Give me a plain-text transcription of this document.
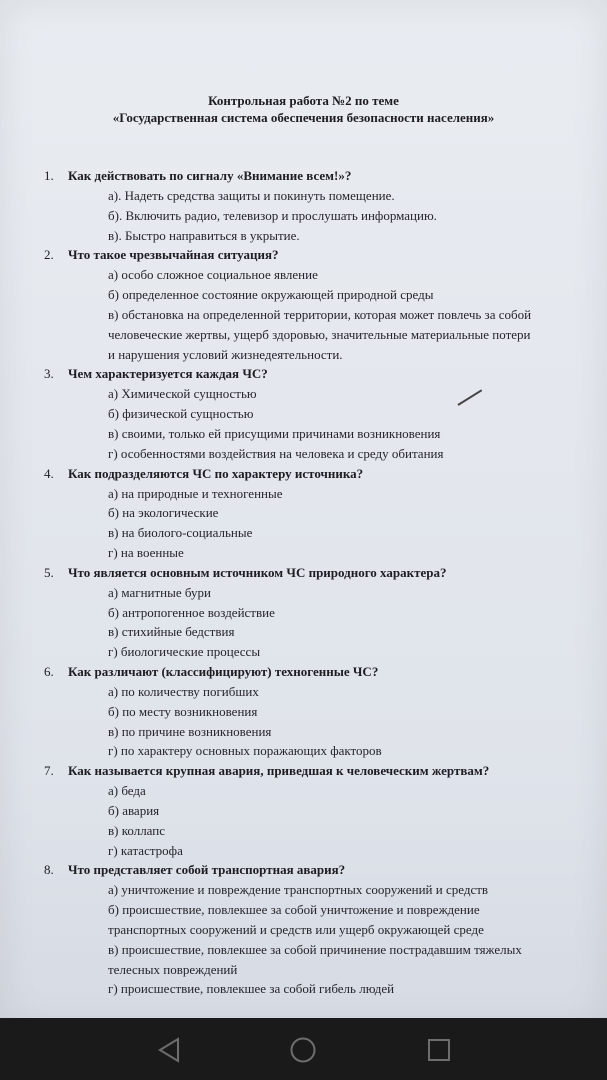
Контрольная работа №2 по теме
«Государственная система обеспечения безопасности населения»
1. Как действовать по сигналу «Внимание всем!»?
а). Надеть средства защиты и покинуть помещение.
б). Включить радио, телевизор и прослушать информацию.
в). Быстро направиться в укрытие.
2. Что такое чрезвычайная ситуация?
а) особо сложное социальное явление
б) определенное состояние окружающей природной среды
в) обстановка на определенной территории, которая может повлечь за собой
человеческие жертвы, ущерб здоровью, значительные материальные потери
и нарушения условий жизнедеятельности.
3. Чем характеризуется каждая ЧС?
а) Химической сущностью
б) физической сущностью
в) своими, только ей присущими причинами возникновения
г) особенностями воздействия на человека и среду обитания
4. Как подразделяются ЧС по характеру источника?
а) на природные и техногенные
б) на экологические
в) на биолого-социальные
г) на военные
5. Что является основным источником ЧС природного характера?
а) магнитные бури
б) антропогенное воздействие
в) стихийные бедствия
г) биологические процессы
6. Как различают (классифицируют) техногенные ЧС?
а) по количеству погибших
б) по месту возникновения
в) по причине возникновения
г) по характеру основных поражающих факторов
7. Как называется крупная авария, приведшая к человеческим жертвам?
а) беда
б) авария
в) коллапс
г) катастрофа
8. Что представляет собой транспортная авария?
а) уничтожение и повреждение транспортных сооружений и средств
б) происшествие, повлекшее за собой уничтожение и повреждение
транспортных сооружений и средств или ущерб окружающей среде
в) происшествие, повлекшее за собой причинение пострадавшим тяжелых
телесных повреждений
г) происшествие, повлекшее за собой гибель людей
